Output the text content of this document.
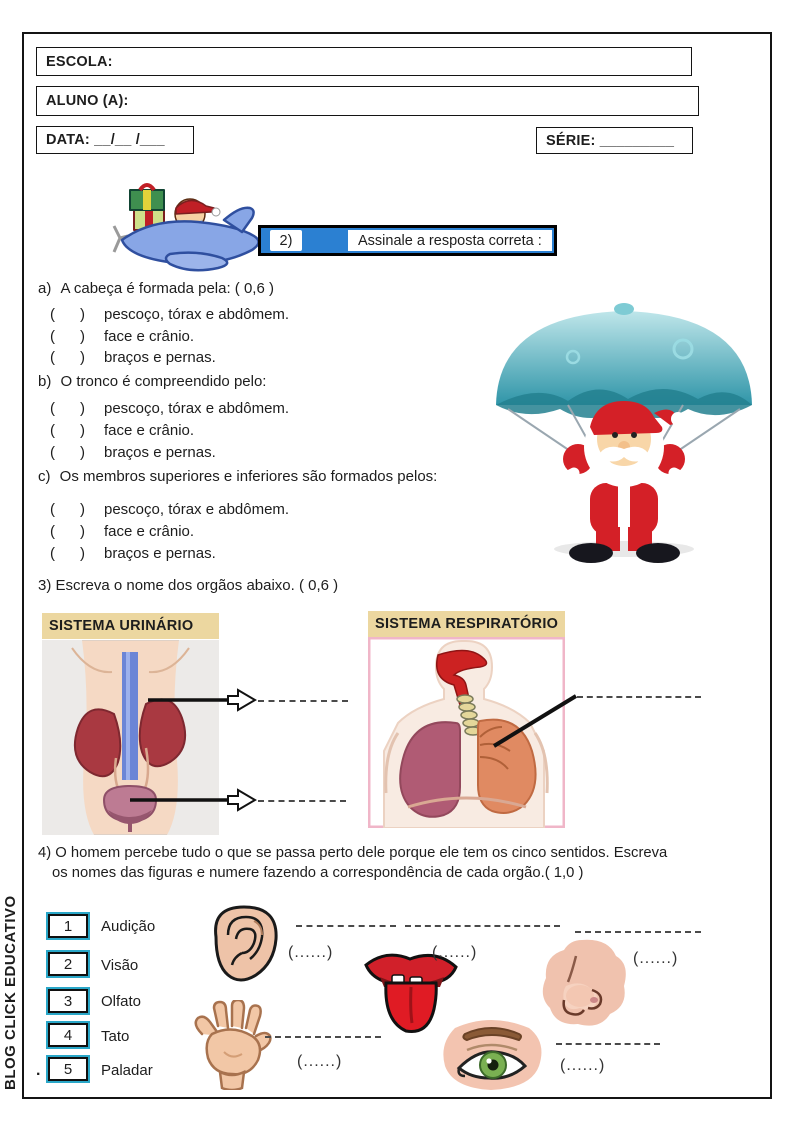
BLOG CLICK EDUCATIVO
ESCOLA:
ALUNO (A):
DATA: __/__ /___	SÉRIE: _________
2)	Assinale a resposta correta :
a) A cabeça é formada pela: ( 0,6 )
(      )	pescoço, tórax e abdômem.
(      )	face e crânio.
(      )	braços e pernas.
b) O tronco é compreendido pelo:
(      )	pescoço, tórax e abdômem.
(      )	face e crânio.
(      )	braços e pernas.
c) Os membros superiores e inferiores são formados pelos:
(      )	pescoço, tórax e abdômem.
(      )	face e crânio.
(      )	braços e pernas.
3) Escreva o nome dos orgãos abaixo. ( 0,6 )
SISTEMA URINÁRIO	SISTEMA RESPIRATÓRIO
4) O homem percebe tudo o que se passa perto dele porque ele tem os cinco sentidos. Escreva
os nomes das figuras e numere fazendo a correspondência de cada orgão.( 1,0 )
1	Audição
2	Visão
3	Olfato
4	Tato
5	Paladar
(......)	(......)	(......)
(......)	(......)
.
